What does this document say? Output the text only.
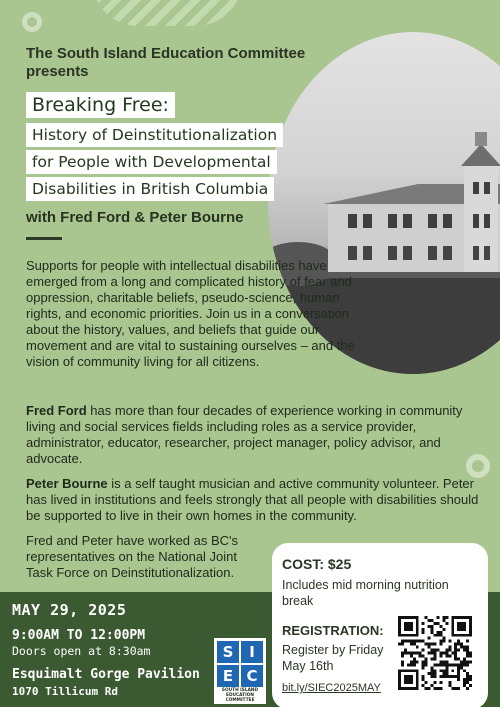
The South Island Education Committee presents
Breaking Free:
History of Deinstitutionalization
for People with Developmental
Disabilities in British Columbia
with Fred Ford & Peter Bourne
Supports for people with intellectual disabilities have emerged from a long and complicated history of fear and oppression, charitable beliefs, pseudo-science, human rights, and economic priorities. Join us in a conversation about the history, values, and beliefs that guide our movement and are vital to sustaining ourselves – and the vision of community living for all citizens.
Fred Ford has more than four decades of experience working in community living and social services fields including roles as a service provider, administrator, educator, researcher, project manager, policy advisor, and advocate.
Peter Bourne is a self taught musician and active community volunteer. Peter has lived in institutions and feels strongly that all people with disabilities should be supported to live in their own homes in the community.
Fred and Peter have worked as BC's representatives on the National Joint Task Force on Deinstitutionalization.
MAY 29, 2025
9:00AM TO 12:00PM
Doors open at 8:30am
Esquimalt Gorge Pavilion
1070 Tillicum Rd
S	I
E C
SOUTH ISLAND EDUCATION COMMITTEE
COST: $25
Includes mid morning nutrition break
REGISTRATION:
Register by Friday May 16th
bit.ly/SIEC2025MAY
